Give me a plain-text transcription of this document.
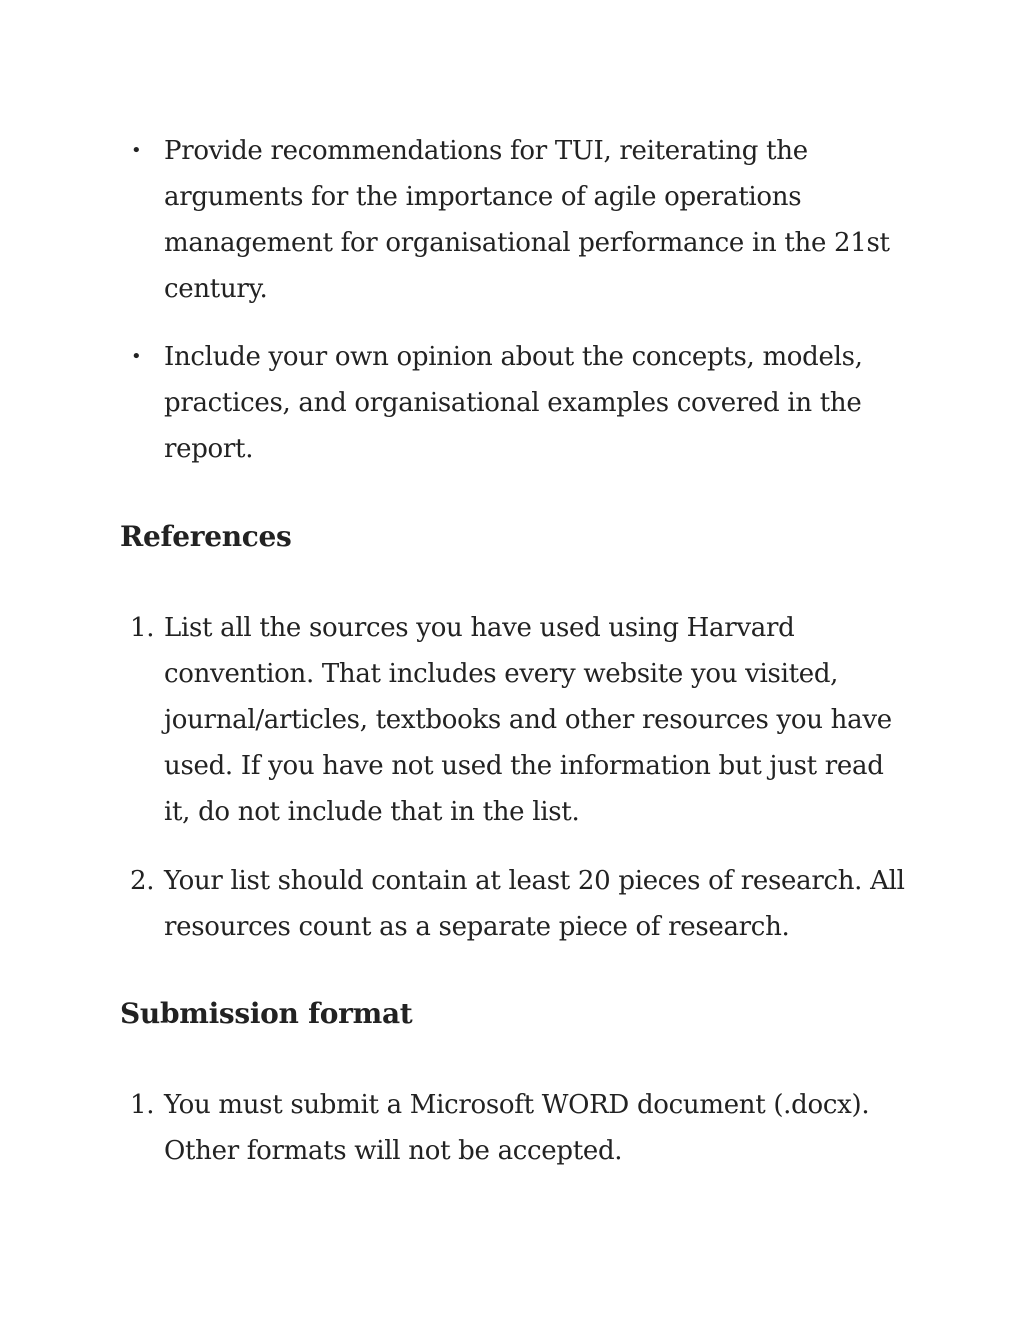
• Provide recommendations for TUI, reiterating the arguments for the importance of agile operations management for organisational performance in the 21st century.
• Include your own opinion about the concepts, models, practices, and organisational examples covered in the report.
References
1. List all the sources you have used using Harvard convention. That includes every website you visited, journal/articles, textbooks and other resources you have used. If you have not used the information but just read it, do not include that in the list.
2. Your list should contain at least 20 pieces of research. All resources count as a separate piece of research.
Submission format
1. You must submit a Microsoft WORD document (.docx). Other formats will not be accepted.
